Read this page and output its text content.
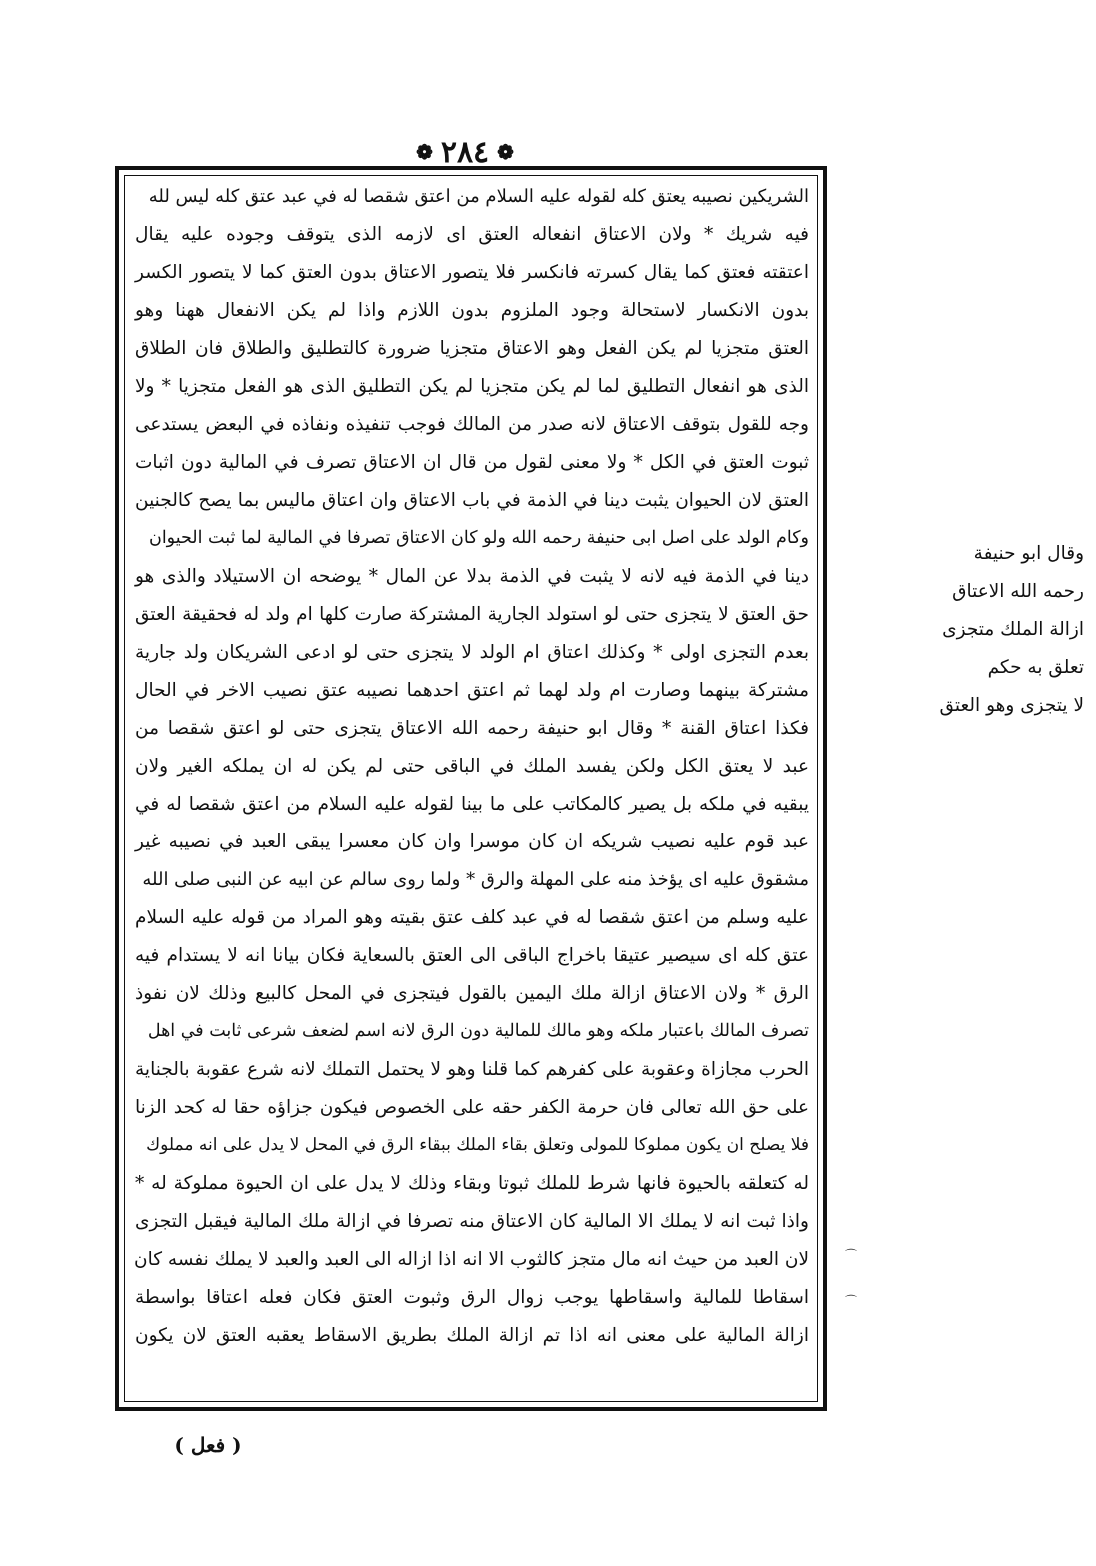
❁ ٢٨٤ ❁
الشريكين نصيبه يعتق كله لقوله عليه السلام من اعتق شقصا له في عبد عتق كله ليس لله
فيه شريك * ولان الاعتاق انفعاله العتق اى لازمه الذى يتوقف وجوده عليه يقال
اعتقته فعتق كما يقال كسرته فانكسر فلا يتصور الاعتاق بدون العتق كما لا يتصور الكسر
بدون الانكسار لاستحالة وجود الملزوم بدون اللازم واذا لم يكن الانفعال ههنا وهو
العتق متجزيا لم يكن الفعل وهو الاعتاق متجزيا ضرورة كالتطليق والطلاق فان الطلاق
الذى هو انفعال التطليق لما لم يكن متجزيا لم يكن التطليق الذى هو الفعل متجزيا * ولا
وجه للقول بتوقف الاعتاق لانه صدر من المالك فوجب تنفيذه ونفاذه في البعض يستدعى
ثبوت العتق في الكل * ولا معنى لقول من قال ان الاعتاق تصرف في المالية دون اثبات
العتق لان الحيوان يثبت دينا في الذمة في باب الاعتاق وان اعتاق ماليس بما يصح كالجنين
وكام الولد على اصل ابى حنيفة رحمه الله ولو كان الاعتاق تصرفا في المالية لما ثبت الحيوان
دينا في الذمة فيه لانه لا يثبت في الذمة بدلا عن المال * يوضحه ان الاستيلاد والذى هو
حق العتق لا يتجزى حتى لو استولد الجارية المشتركة صارت كلها ام ولد له فحقيقة العتق
بعدم التجزى اولى * وكذلك اعتاق ام الولد لا يتجزى حتى لو ادعى الشريكان ولد جارية
مشتركة بينهما وصارت ام ولد لهما ثم اعتق احدهما نصيبه عتق نصيب الاخر في الحال
فكذا اعتاق القنة * وقال ابو حنيفة رحمه الله الاعتاق يتجزى حتى لو اعتق شقصا من
عبد لا يعتق الكل ولكن يفسد الملك في الباقى حتى لم يكن له ان يملكه الغير ولان
يبقيه في ملكه بل يصير كالمكاتب على ما بينا لقوله عليه السلام من اعتق شقصا له في
عبد قوم عليه نصيب شريكه ان كان موسرا وان كان معسرا يبقى العبد في نصيبه غير
مشقوق عليه اى يؤخذ منه على المهلة والرق * ولما روى سالم عن ابيه عن النبى صلى الله
عليه وسلم من اعتق شقصا له في عبد كلف عتق بقيته وهو المراد من قوله عليه السلام
عتق كله اى سيصير عتيقا باخراج الباقى الى العتق بالسعاية فكان بيانا انه لا يستدام فيه
الرق * ولان الاعتاق ازالة ملك اليمين بالقول فيتجزى في المحل كالبيع وذلك لان نفوذ
تصرف المالك باعتبار ملكه وهو مالك للمالية دون الرق لانه اسم لضعف شرعى ثابت في اهل
الحرب مجازاة وعقوبة على كفرهم كما قلنا وهو لا يحتمل التملك لانه شرع عقوبة بالجناية
على حق الله تعالى فان حرمة الكفر حقه على الخصوص فيكون جزاؤه حقا له كحد الزنا
فلا يصلح ان يكون مملوكا للمولى وتعلق بقاء الملك ببقاء الرق في المحل لا يدل على انه مملوك
له كتعلقه بالحيوة فانها شرط للملك ثبوتا وبقاء وذلك لا يدل على ان الحيوة مملوكة له *
واذا ثبت انه لا يملك الا المالية كان الاعتاق منه تصرفا في ازالة ملك المالية فيقبل التجزى
لان العبد من حيث انه مال متجز كالثوب الا انه اذا ازاله الى العبد والعبد لا يملك نفسه كان
اسقاطا للمالية واسقاطها يوجب زوال الرق وثبوت العتق فكان فعله اعتاقا بواسطة
ازالة المالية على معنى انه اذا تم ازالة الملك بطريق الاسقاط يعقبه العتق لان يكون
وقال ابو حنيفة
رحمه الله الاعتاق
ازالة الملك متجزى
تعلق به حكم
لا يتجزى وهو العتق
⌒
⌒
( فعل )
